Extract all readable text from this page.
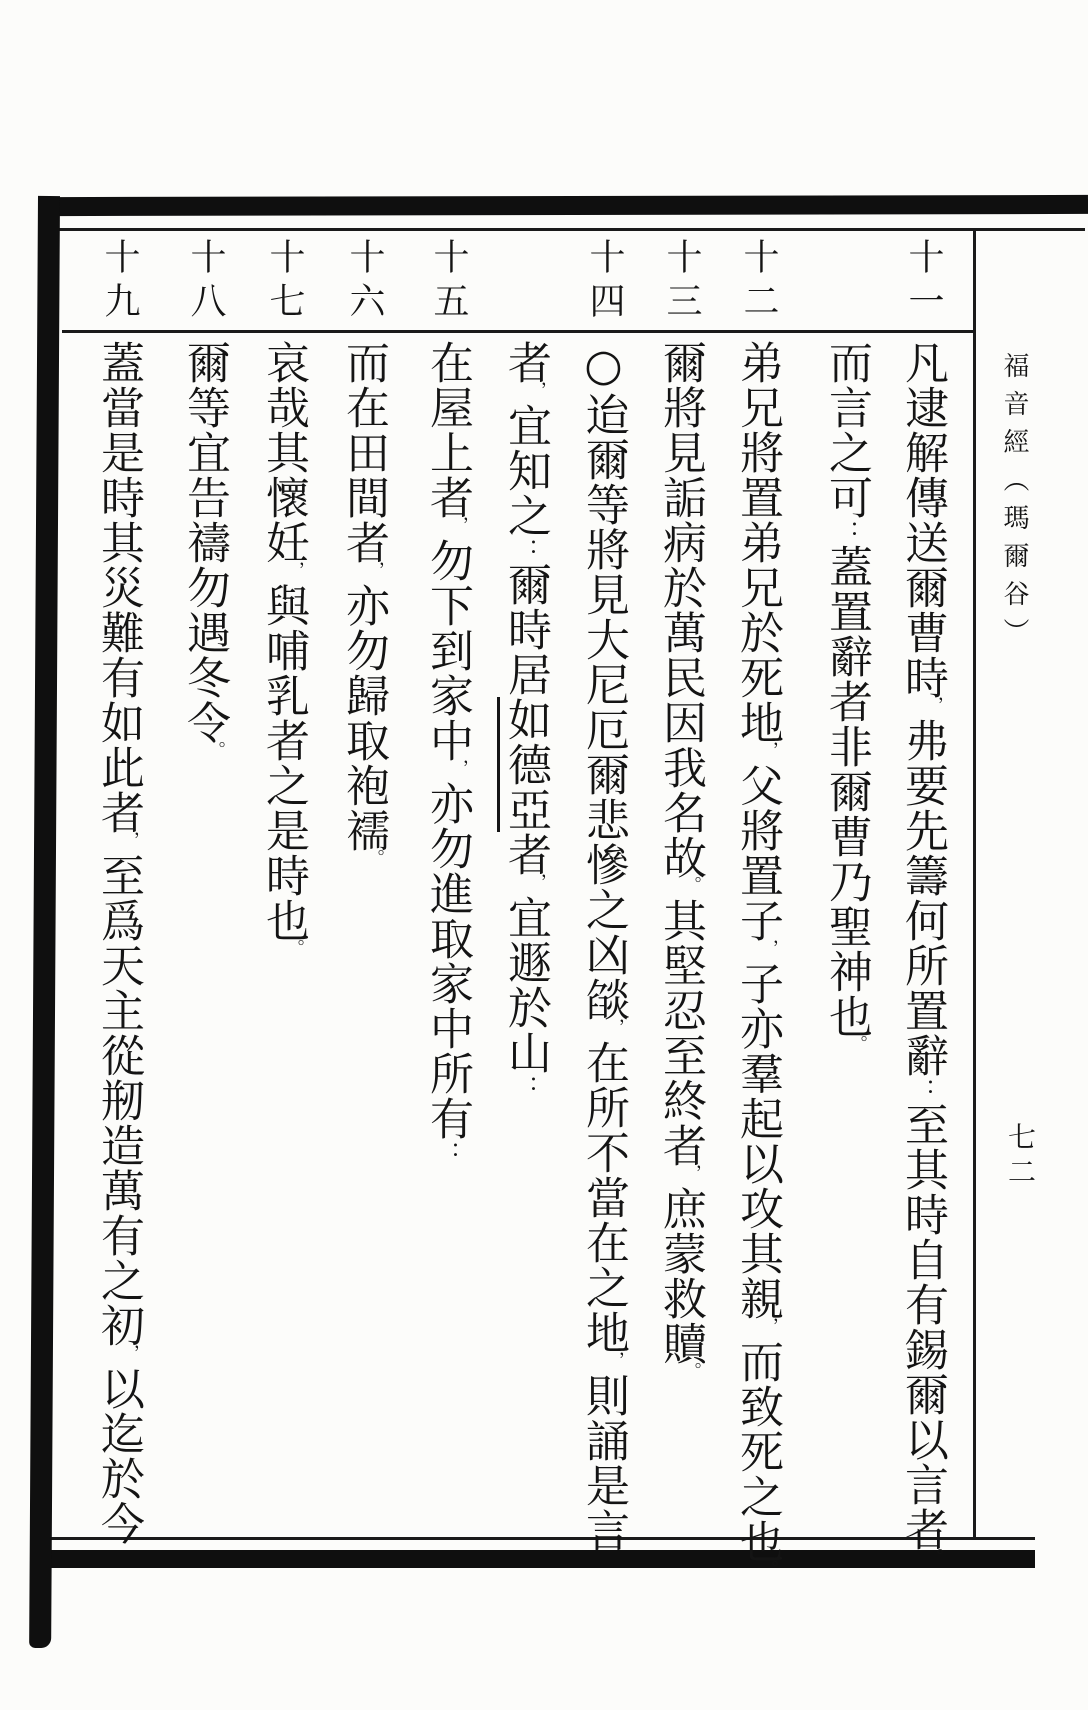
福音經（瑪爾谷）
七二
十一
凡逮解傳送爾曹時，弗要先籌何所置辭：至其時自有錫爾以言者。
而言之可：蓋置辭者非爾曹乃聖神也。
十二
弟兄將置弟兄於死地，父將置子，子亦羣起以攻其親，而致死之也。
十三
爾將見詬病於萬民因我名故。其堅忍至終者，庶蒙救贖。
十四
○迨爾等將見大尼厄爾悲慘之凶燄，在所不當在之地，則誦是言
者，宜知之：爾時居如德亞者，宜遯於山：
十五
在屋上者，勿下到家中，亦勿進取家中所有：
十六
而在田間者，亦勿歸取袍襦。
十七
哀哉其懷妊，與哺乳者之是時也。
十八
爾等宜告禱勿遇冬令。
十九
蓋當是時其災難有如此者，至爲天主從剏造萬有之初，以迄於今
